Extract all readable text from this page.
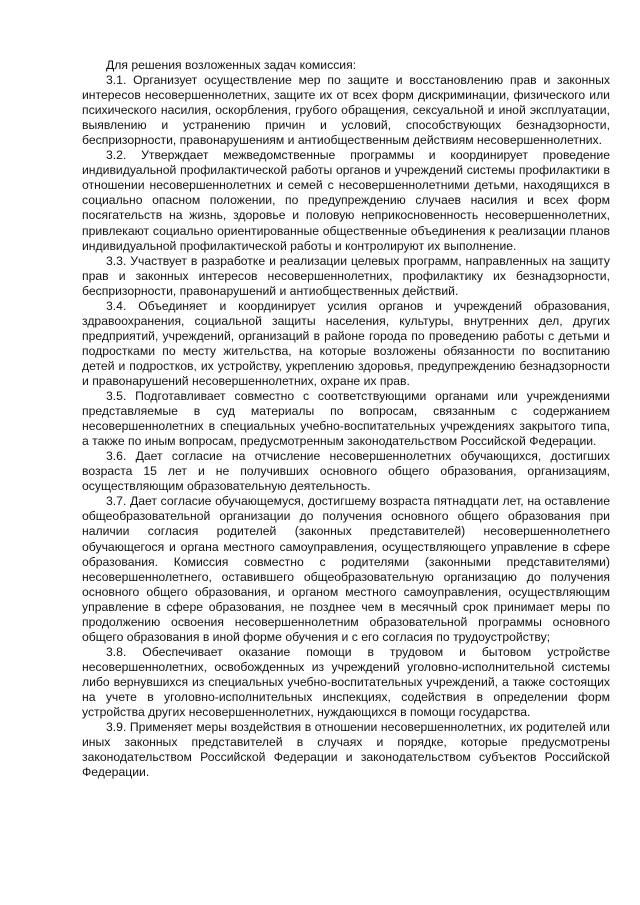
Для решения возложенных задач комиссия:

3.1. Организует осуществление мер по защите и восстановлению прав и законных интересов несовершеннолетних, защите их от всех форм дискриминации, физического или психического насилия, оскорбления, грубого обращения, сексуальной и иной эксплуатации, выявлению и устранению причин и условий, способствующих безнадзорности, беспризорности, правонарушениям и антиобщественным действиям несовершеннолетних.

3.2. Утверждает межведомственные программы и координирует проведение индивидуальной профилактической работы органов и учреждений системы профилактики в отношении несовершеннолетних и семей с несовершеннолетними детьми, находящихся в социально опасном положении, по предупреждению случаев насилия и всех форм посягательств на жизнь, здоровье и половую неприкосновенность несовершеннолетних, привлекают социально ориентированные общественные объединения к реализации планов индивидуальной профилактической работы и контролируют их выполнение.

3.3. Участвует в разработке и реализации целевых программ, направленных на защиту прав и законных интересов несовершеннолетних, профилактику их безнадзорности, беспризорности, правонарушений и антиобщественных действий.

3.4. Объединяет и координирует усилия органов и учреждений образования, здравоохранения, социальной защиты населения, культуры, внутренних дел, других предприятий, учреждений, организаций в районе города по проведению работы с детьми и подростками по месту жительства, на которые возложены обязанности по воспитанию детей и подростков, их устройству, укреплению здоровья, предупреждению безнадзорности и правонарушений несовершеннолетних, охране их прав.

3.5. Подготавливает совместно с соответствующими органами или учреждениями представляемые в суд материалы по вопросам, связанным с содержанием несовершеннолетних в специальных учебно-воспитательных учреждениях закрытого типа, а также по иным вопросам, предусмотренным законодательством Российской Федерации.

3.6. Дает согласие на отчисление несовершеннолетних обучающихся, достигших возраста 15 лет и не получивших основного общего образования, организациям, осуществляющим образовательную деятельность.

3.7. Дает согласие обучающемуся, достигшему возраста пятнадцати лет, на оставление общеобразовательной организации до получения основного общего образования при наличии согласия родителей (законных представителей) несовершеннолетнего обучающегося и органа местного самоуправления, осуществляющего управление в сфере образования. Комиссия совместно с родителями (законными представителями) несовершеннолетнего, оставившего общеобразовательную организацию до получения основного общего образования, и органом местного самоуправления, осуществляющим управление в сфере образования, не позднее чем в месячный срок принимает меры по продолжению освоения несовершеннолетним образовательной программы основного общего образования в иной форме обучения и с его согласия по трудоустройству;

3.8. Обеспечивает оказание помощи в трудовом и бытовом устройстве несовершеннолетних, освобожденных из учреждений уголовно-исполнительной системы либо вернувшихся из специальных учебно-воспитательных учреждений, а также состоящих на учете в уголовно-исполнительных инспекциях, содействия в определении форм устройства других несовершеннолетних, нуждающихся в помощи государства.

3.9. Применяет меры воздействия в отношении несовершеннолетних, их родителей или иных законных представителей в случаях и порядке, которые предусмотрены законодательством Российской Федерации и законодательством субъектов Российской Федерации.
